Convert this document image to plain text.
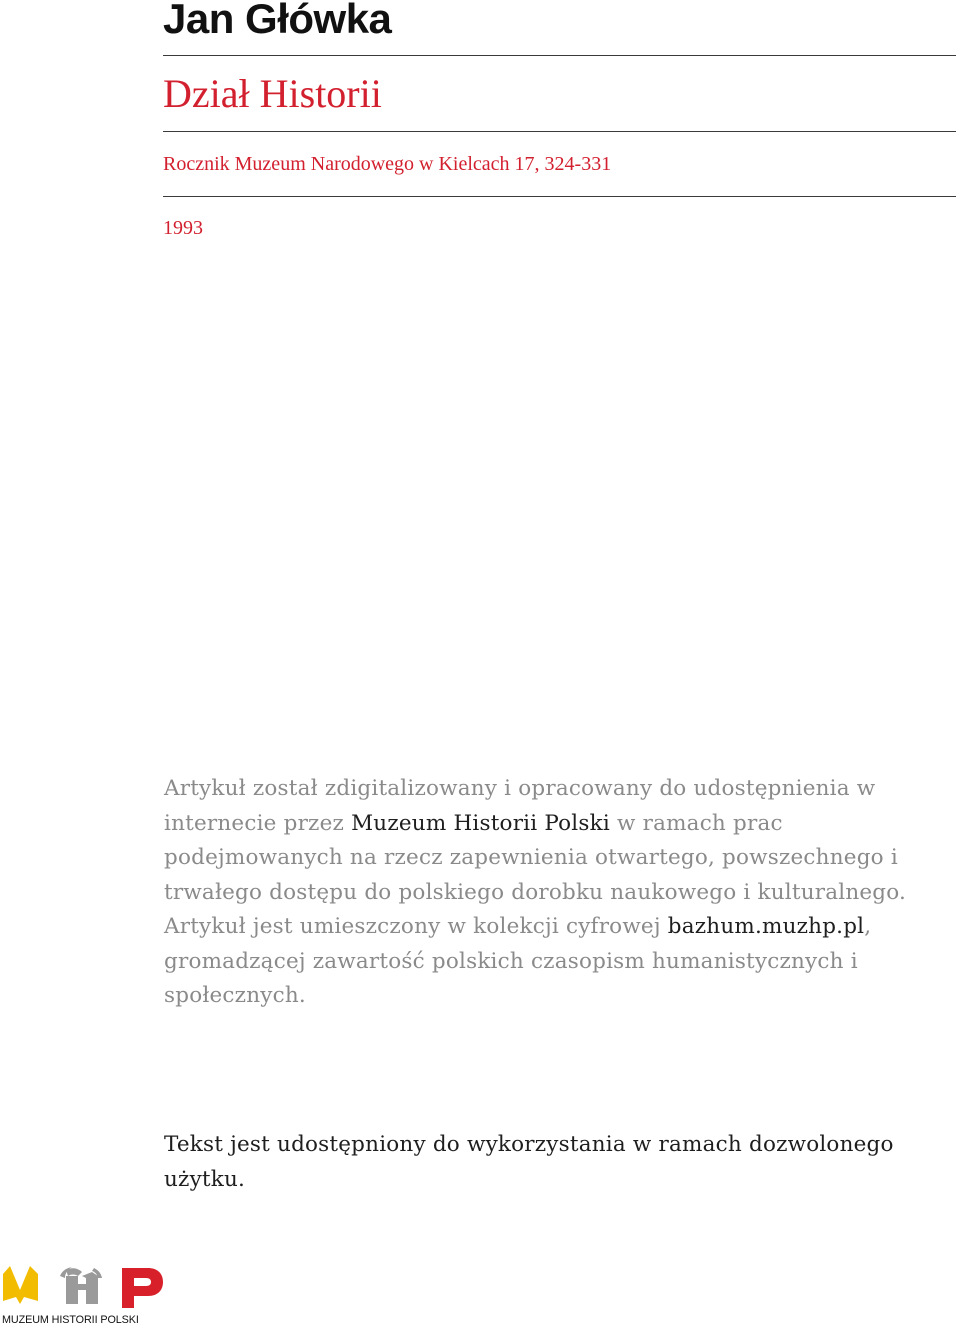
Jan Główka
Dział Historii
Rocznik Muzeum Narodowego w Kielcach 17, 324-331
1993

Artykuł został zdigitalizowany i opracowany do udostępnienia w internecie przez Muzeum Historii Polski w ramach prac podejmowanych na rzecz zapewnienia otwartego, powszechnego i trwałego dostępu do polskiego dorobku naukowego i kulturalnego. Artykuł jest umieszczony w kolekcji cyfrowej bazhum.muzhp.pl, gromadzącej zawartość polskich czasopism humanistycznych i społecznych.

Tekst jest udostępniony do wykorzystania w ramach dozwolonego użytku.

MUZEUM HISTORII POLSKI
